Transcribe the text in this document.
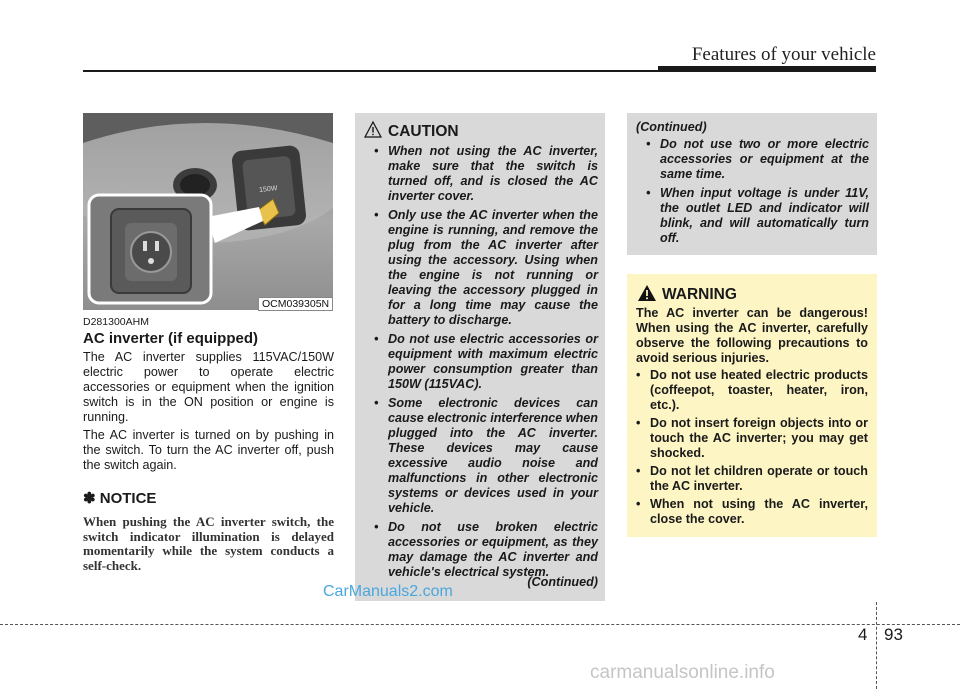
Features of your vehicle
150W
OCM039305N
D281300AHM
AC inverter (if equipped)
The AC inverter supplies 115VAC/150W electric power to operate electric accessories or equipment when the ignition switch is in the ON position or engine is running.
The AC inverter is turned on by pushing in the switch. To turn the AC inverter off, push the switch again.
✽ NOTICE
When pushing the AC inverter switch, the switch indicator illumination is delayed momentarily while the system conducts a self-check.
CAUTION
• When not using the AC inverter, make sure that the switch is turned off, and is closed the AC inverter cover.
• Only use the AC inverter when the engine is running, and remove the plug from the AC inverter after using the accessory. Using when the engine is not running or leaving the accessory plugged in for a long time may cause the battery to discharge.
• Do not use electric accessories or equipment with maximum electric power consumption greater than 150W (115VAC).
• Some electronic devices can cause electronic interference when plugged into the AC inverter. These devices may cause excessive audio noise and malfunctions in other electronic systems or devices used in your vehicle.
• Do not use broken electric accessories or equipment, as they may damage the AC inverter and vehicle's electrical system.
(Continued)
(Continued)
• Do not use two or more electric accessories or equipment at the same time.
• When input voltage is under 11V, the outlet LED and indicator will blink, and will automatically turn off.
WARNING
The AC inverter can be dangerous! When using the AC inverter, carefully observe the following precautions to avoid serious injuries.
• Do not use heated electric products (coffeepot, toaster, heater, iron, etc.).
• Do not insert foreign objects into or touch the AC inverter; you may get shocked.
• Do not let children operate or touch the AC inverter.
• When not using the AC inverter, close the cover.
CarManuals2.com
4 93
carmanualsonline.info
